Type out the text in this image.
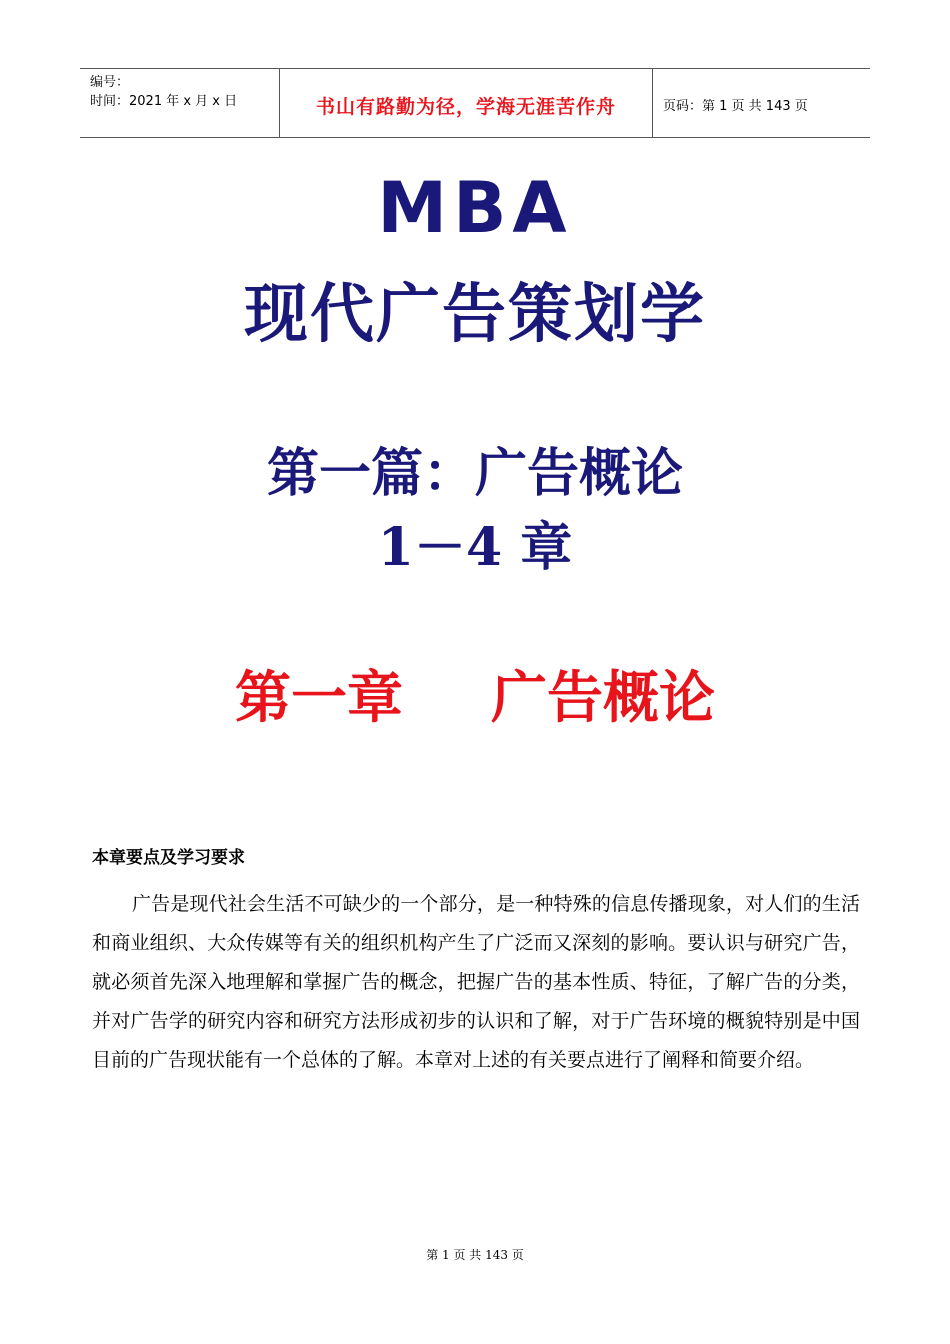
编号：
时间：2021 年 x 月 x 日	书山有路勤为径，学海无涯苦作舟	页码：第 1 页 共 143 页
MBA
现代广告策划学
第一篇：广告概论
1－4 章
第一章 广告概论
本章要点及学习要求
广告是现代社会生活不可缺少的一个部分，是一种特殊的信息传播现象，对人们的生活和商业组织、大众传媒等有关的组织机构产生了广泛而又深刻的影响。要认识与研究广告，就必须首先深入地理解和掌握广告的概念，把握广告的基本性质、特征，了解广告的分类，并对广告学的研究内容和研究方法形成初步的认识和了解，对于广告环境的概貌特别是中国目前的广告现状能有一个总体的了解。本章对上述的有关要点进行了阐释和简要介绍。
第 1 页 共 143 页
